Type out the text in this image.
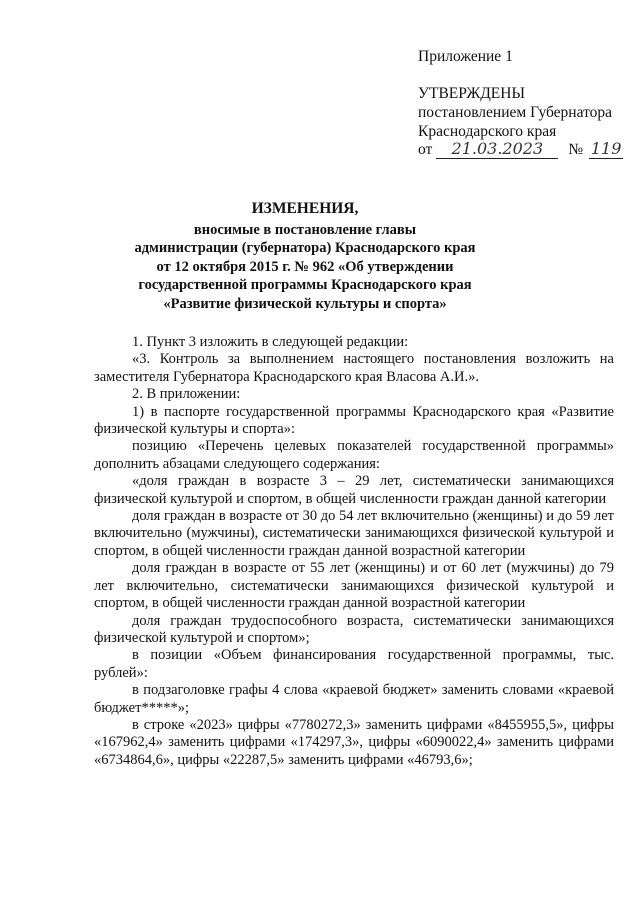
Приложение 1
УТВЕРЖДЕНЫ
постановлением Губернатора
Краснодарского края
от	21.03.2023	№ 119
ИЗМЕНЕНИЯ,
вносимые в постановление главы
администрации (губернатора) Краснодарского края
от 12 октября 2015 г. № 962 «Об утверждении
государственной программы Краснодарского края
«Развитие физической культуры и спорта»

1. Пункт 3 изложить в следующей редакции:

«3. Контроль за выполнением настоящего постановления возложить на заместителя Губернатора Краснодарского края Власова А.И.».

2. В приложении:

1) в паспорте государственной программы Краснодарского края «Развитие физической культуры и спорта»:

позицию «Перечень целевых показателей государственной программы» дополнить абзацами следующего содержания:

«доля граждан в возрасте 3 – 29 лет, систематически занимающихся физической культурой и спортом, в общей численности граждан данной категории

доля граждан в возрасте от 30 до 54 лет включительно (женщины) и до 59 лет включительно (мужчины), систематически занимающихся физической культурой и спортом, в общей численности граждан данной возрастной категории

доля граждан в возрасте от 55 лет (женщины) и от 60 лет (мужчины) до 79 лет включительно, систематически занимающихся физической культурой и спортом, в общей численности граждан данной возрастной категории

доля граждан трудоспособного возраста, систематически занимающихся физической культурой и спортом»;

в позиции «Объем финансирования государственной программы, тыс. рублей»:

в подзаголовке графы 4 слова «краевой бюджет» заменить словами «краевой бюджет*****»;

в строке «2023» цифры «7780272,3» заменить цифрами «8455955,5», цифры «167962,4» заменить цифрами «174297,3», цифры «6090022,4» заменить цифрами «6734864,6», цифры «22287,5» заменить цифрами «46793,6»;
